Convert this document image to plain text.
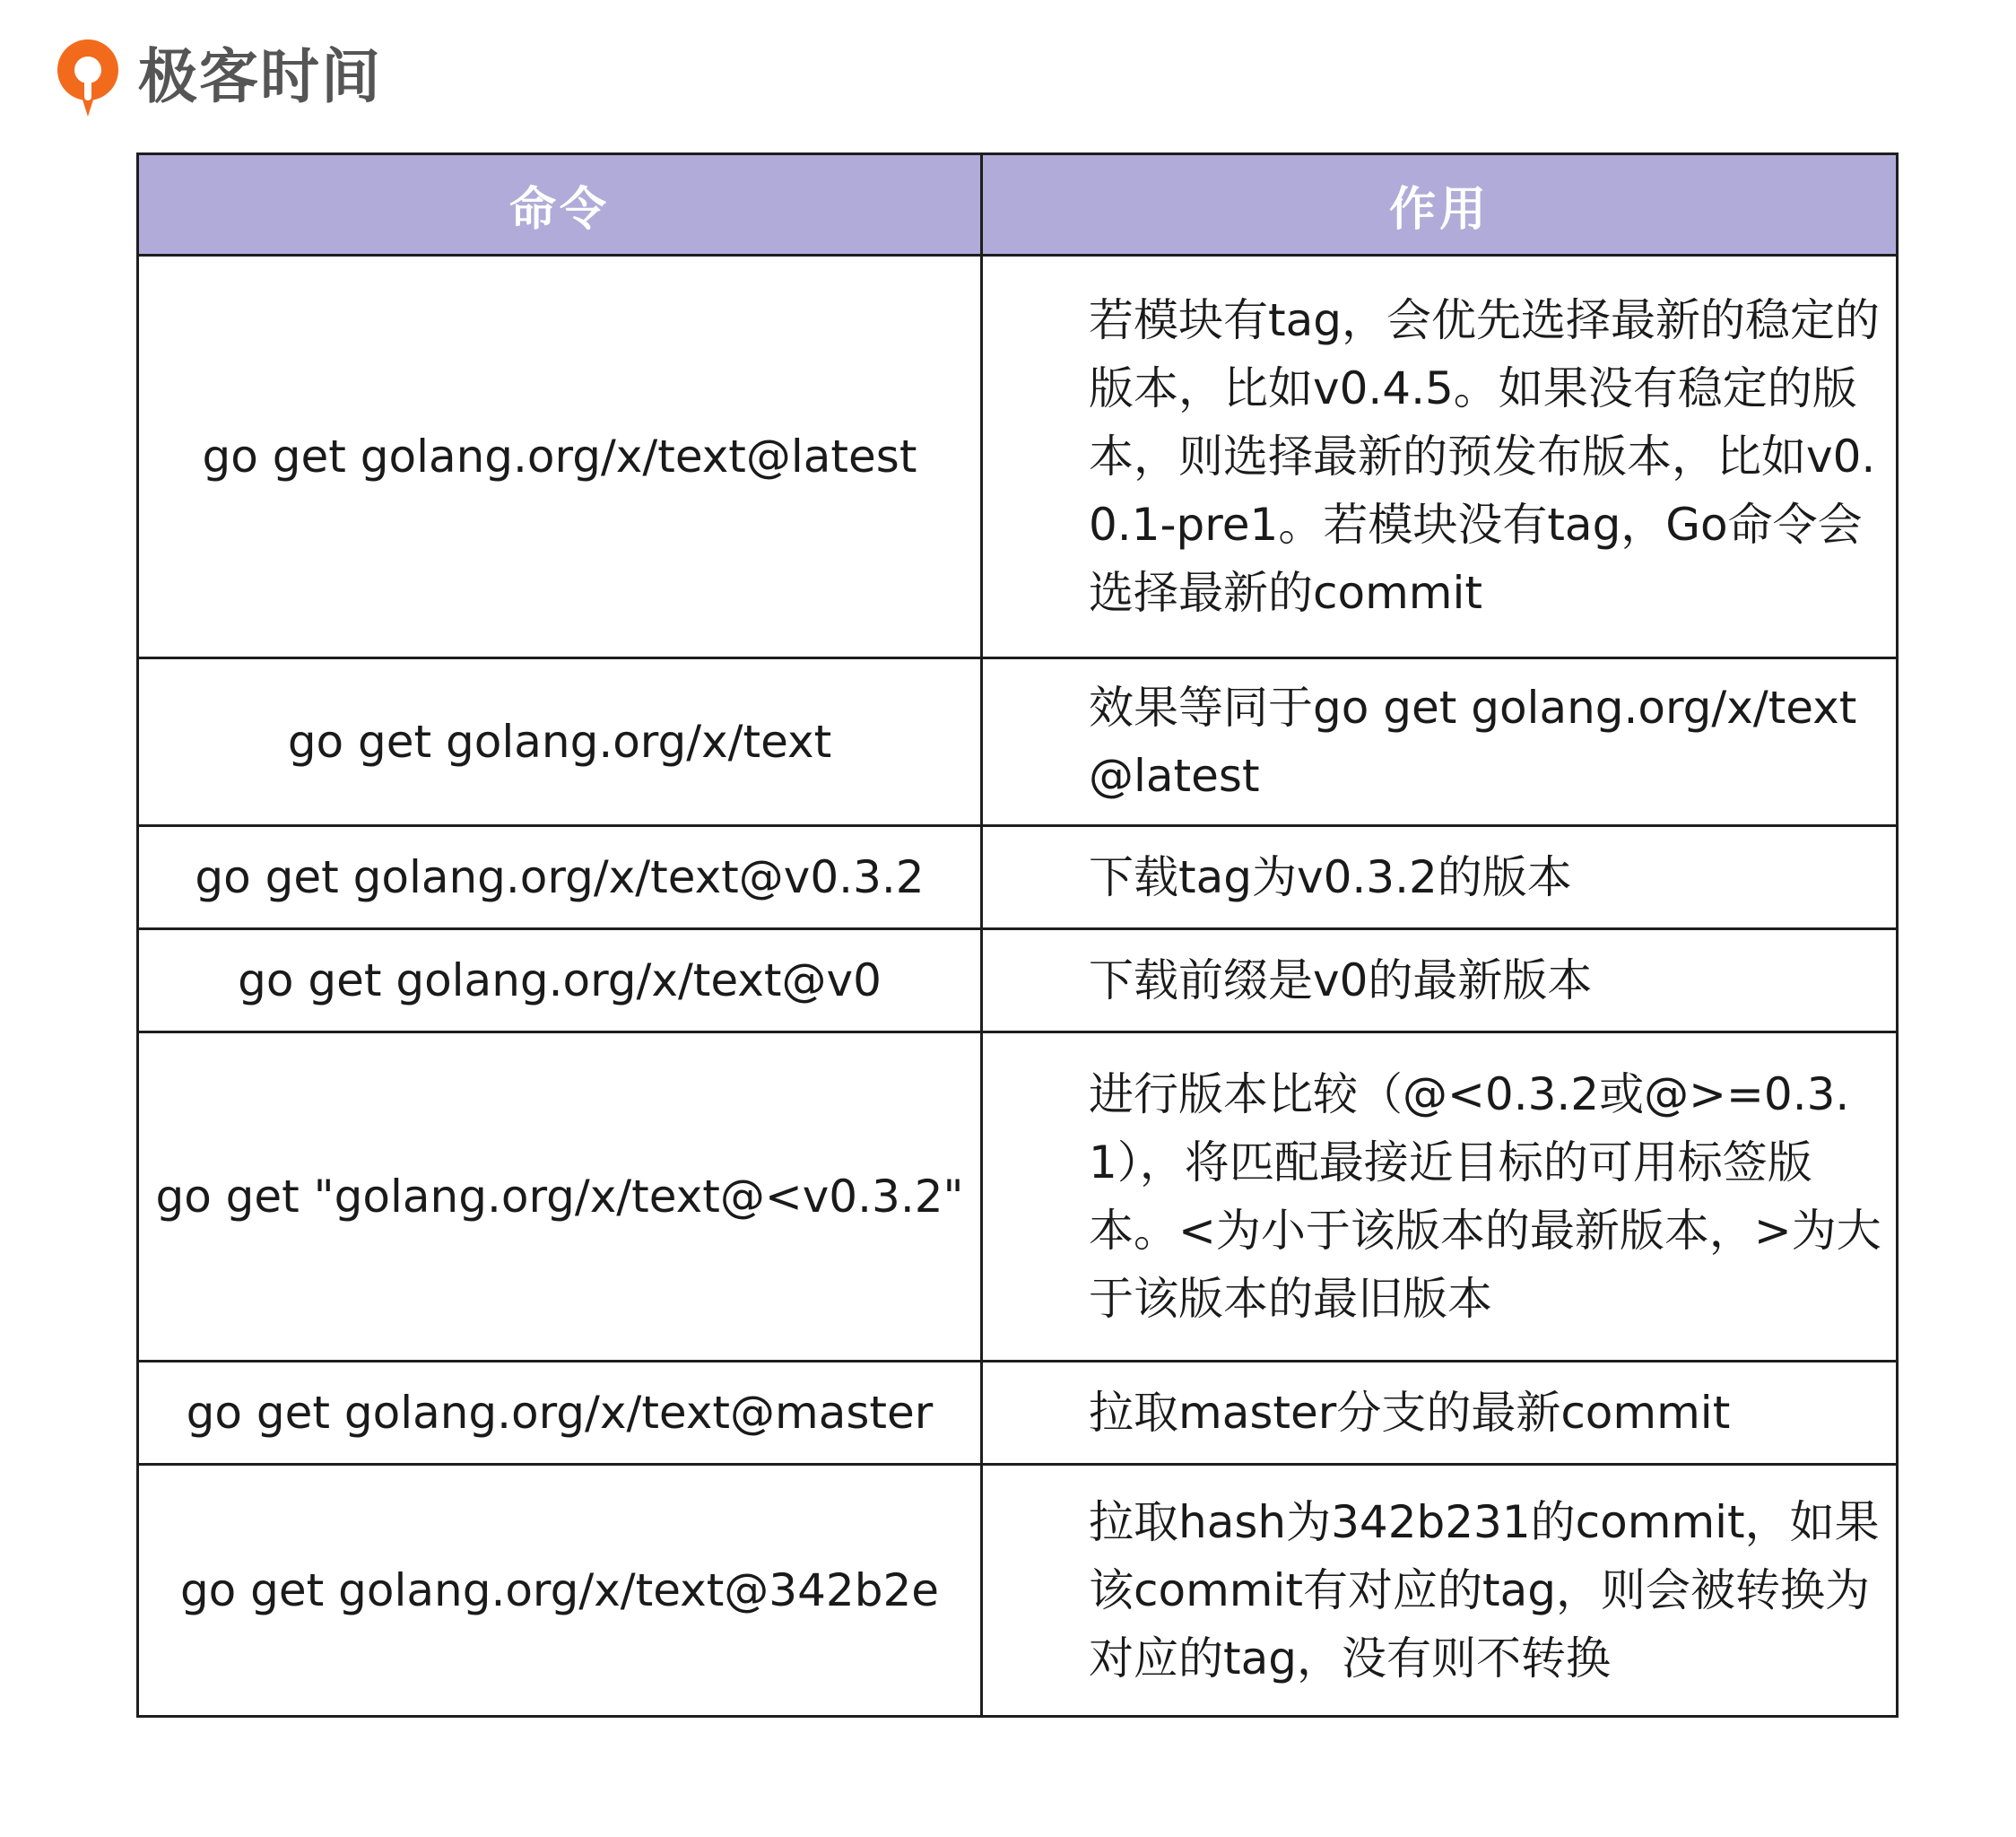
极客时间
命令	作用
go get golang.org/x/text@latest	若模块有tag，会优先选择最新的稳定的版本，比如v0.4.5。如果没有稳定的版本，则选择最新的预发布版本，比如v0.0.1-pre1。若模块没有tag，Go命令会选择最新的commit
go get golang.org/x/text	效果等同于go get golang.org/x/text@latest
go get golang.org/x/text@v0.3.2	下载tag为v0.3.2的版本
go get golang.org/x/text@v0	下载前缀是v0的最新版本
go get "golang.org/x/text@<v0.3.2"	进行版本比较（@<0.3.2或@>=0.3.1），将匹配最接近目标的可用标签版本。<为小于该版本的最新版本，>为大于该版本的最旧版本
go get golang.org/x/text@master	拉取master分支的最新commit
go get golang.org/x/text@342b2e	拉取hash为342b231的commit，如果该commit有对应的tag，则会被转换为对应的tag，没有则不转换
